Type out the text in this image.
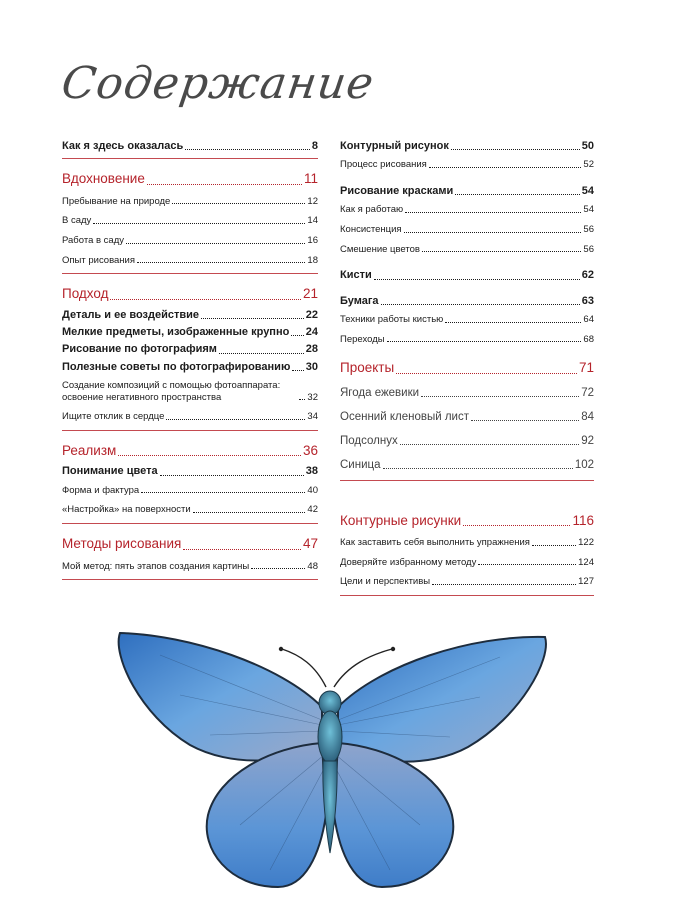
Содержание
Как я здесь оказалась	8
Вдохновение	11
Пребывание на природе	12
В саду	14
Работа в саду	16
Опыт рисования	18
Подход	21
Деталь и ее воздействие	22
Мелкие предметы, изображенные крупно 24
Рисование по фотографиям	28
Полезные советы по фотографированию 30
Создание композиций с помощью фотоаппарата: освоение негативного пространства	32
Ищите отклик в сердце	34
Реализм	36
Понимание цвета	38
Форма и фактура	40
«Настройка» на поверхности	42
Методы рисования	47
Мой метод: пять этапов создания картины	48
Контурный рисунок	50
Процесс рисования	52
Рисование красками	54
Как я работаю	54
Консистенция	56
Смешение цветов	56
Кисти	62
Бумага	63
Техники работы кистью	64
Переходы	68
Проекты	71
Ягода ежевики	72
Осенний кленовый лист	84
Подсолнух	92
Синица	102
Контурные рисунки	116
Как заставить себя выполнить упражнения	122
Доверяйте избранному методу	124
Цели и перспективы	127
